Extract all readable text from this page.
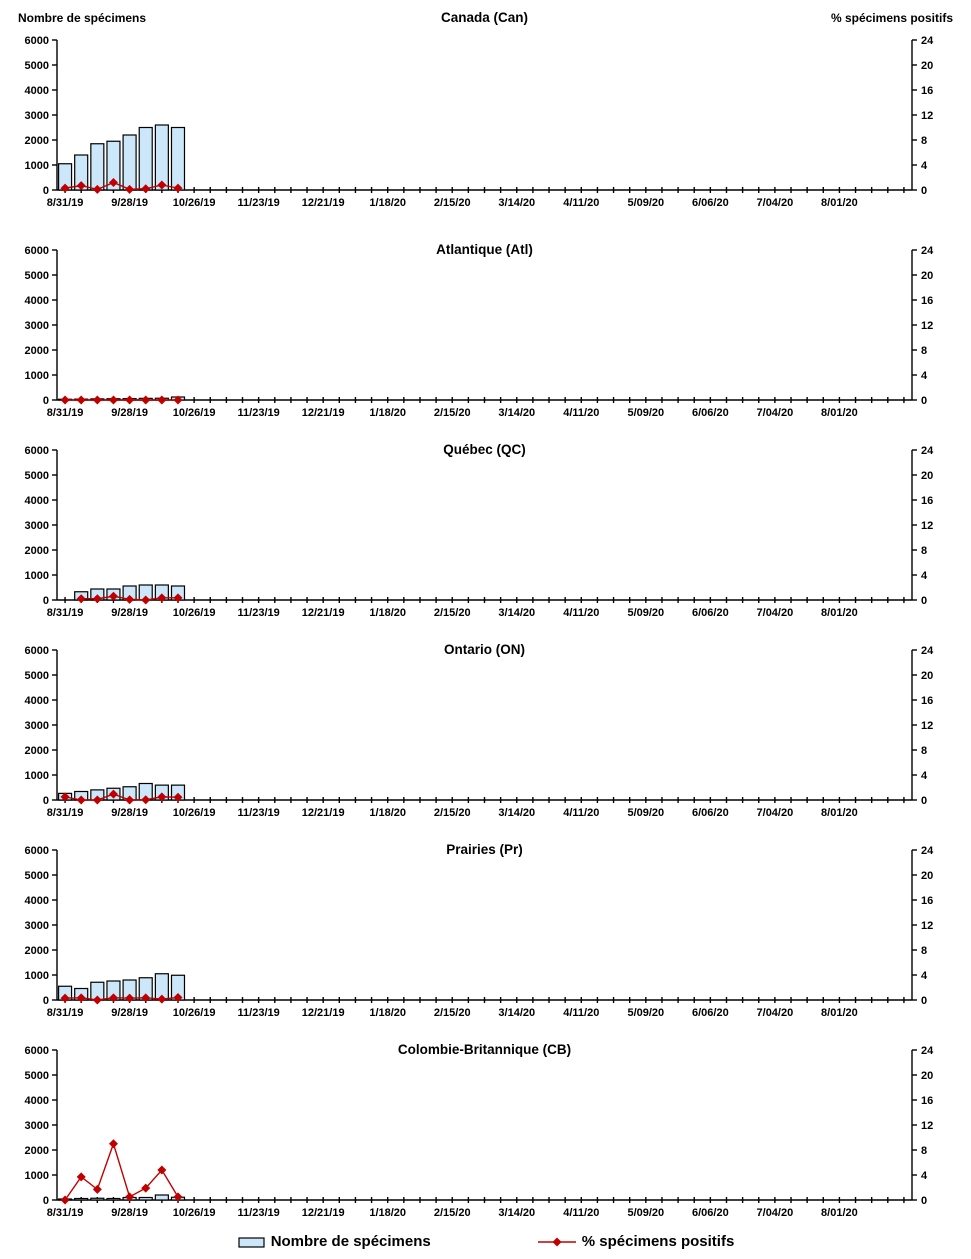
Nombre de spécimens	% spécimens positifs
Canada (Can)
0	0
1000	4
2000	8
3000	12
4000	16
5000	20
6000	24
8/31/19	9/28/19 10/26/19 11/23/19 12/21/19 1/18/20	2/15/20	3/14/20	4/11/20	5/09/20	6/06/20	7/04/20	8/01/20
Atlantique (Atl)
0	0
1000	4
2000	8
3000	12
4000	16
5000	20
6000	24
8/31/19	9/28/19 10/26/19 11/23/19 12/21/19 1/18/20	2/15/20	3/14/20	4/11/20	5/09/20	6/06/20	7/04/20	8/01/20
Québec (QC)
0	0
1000	4
2000	8
3000	12
4000	16
5000	20
6000	24
8/31/19	9/28/19 10/26/19 11/23/19 12/21/19 1/18/20	2/15/20	3/14/20	4/11/20	5/09/20	6/06/20	7/04/20	8/01/20
Ontario (ON)
0	0
1000	4
2000	8
3000	12
4000	16
5000	20
6000	24
8/31/19	9/28/19 10/26/19 11/23/19 12/21/19 1/18/20	2/15/20	3/14/20	4/11/20	5/09/20	6/06/20	7/04/20	8/01/20
Prairies (Pr)
0	0
1000	4
2000	8
3000	12
4000	16
5000	20
6000	24
8/31/19	9/28/19 10/26/19 11/23/19 12/21/19 1/18/20	2/15/20	3/14/20	4/11/20	5/09/20	6/06/20	7/04/20	8/01/20
Colombie-Britannique (CB)
0	0
1000	4
2000	8
3000	12
4000	16
5000	20
6000	24
8/31/19	9/28/19 10/26/19 11/23/19 12/21/19 1/18/20	2/15/20	3/14/20	4/11/20	5/09/20	6/06/20	7/04/20	8/01/20
Nombre de spécimens	% spécimens positifs
